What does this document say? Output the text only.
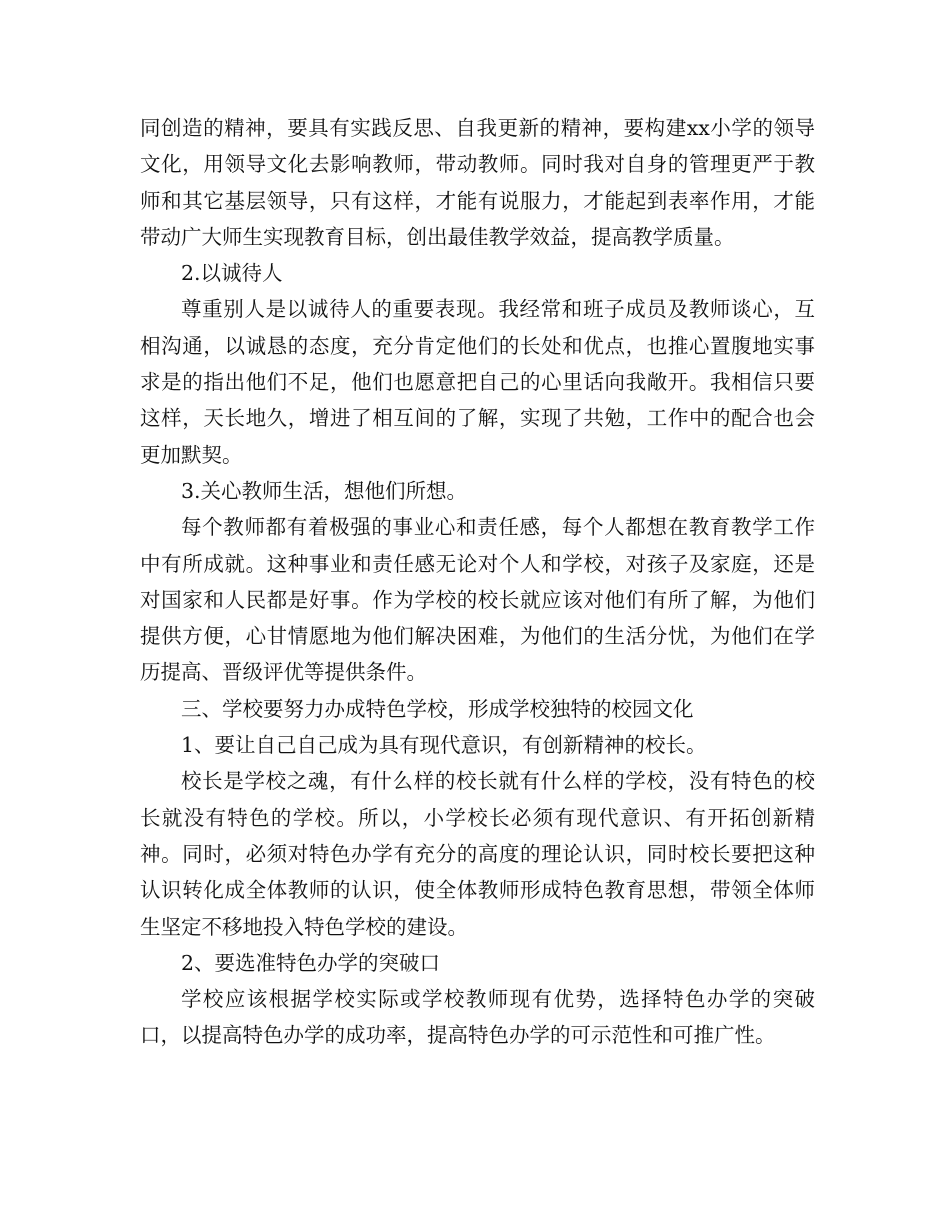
同创造的精神，要具有实践反思、自我更新的精神，要构建xx小学的领导文化，用领导文化去影响教师，带动教师。同时我对自身的管理更严于教师和其它基层领导，只有这样，才能有说服力，才能起到表率作用，才能带动广大师生实现教育目标，创出最佳教学效益，提高教学质量。

2.以诚待人

尊重别人是以诚待人的重要表现。我经常和班子成员及教师谈心，互相沟通，以诚恳的态度，充分肯定他们的长处和优点，也推心置腹地实事求是的指出他们不足，他们也愿意把自己的心里话向我敞开。我相信只要这样，天长地久，增进了相互间的了解，实现了共勉，工作中的配合也会更加默契。

3.关心教师生活，想他们所想。

每个教师都有着极强的事业心和责任感，每个人都想在教育教学工作中有所成就。这种事业和责任感无论对个人和学校，对孩子及家庭，还是对国家和人民都是好事。作为学校的校长就应该对他们有所了解，为他们提供方便，心甘情愿地为他们解决困难，为他们的生活分忧，为他们在学历提高、晋级评优等提供条件。

三、学校要努力办成特色学校，形成学校独特的校园文化

1、要让自己自己成为具有现代意识，有创新精神的校长。

校长是学校之魂，有什么样的校长就有什么样的学校，没有特色的校长就没有特色的学校。所以，小学校长必须有现代意识、有开拓创新精神。同时，必须对特色办学有充分的高度的理论认识，同时校长要把这种认识转化成全体教师的认识，使全体教师形成特色教育思想，带领全体师生坚定不移地投入特色学校的建设。

2、要选准特色办学的突破口

学校应该根据学校实际或学校教师现有优势，选择特色办学的突破口，以提高特色办学的成功率，提高特色办学的可示范性和可推广性。
